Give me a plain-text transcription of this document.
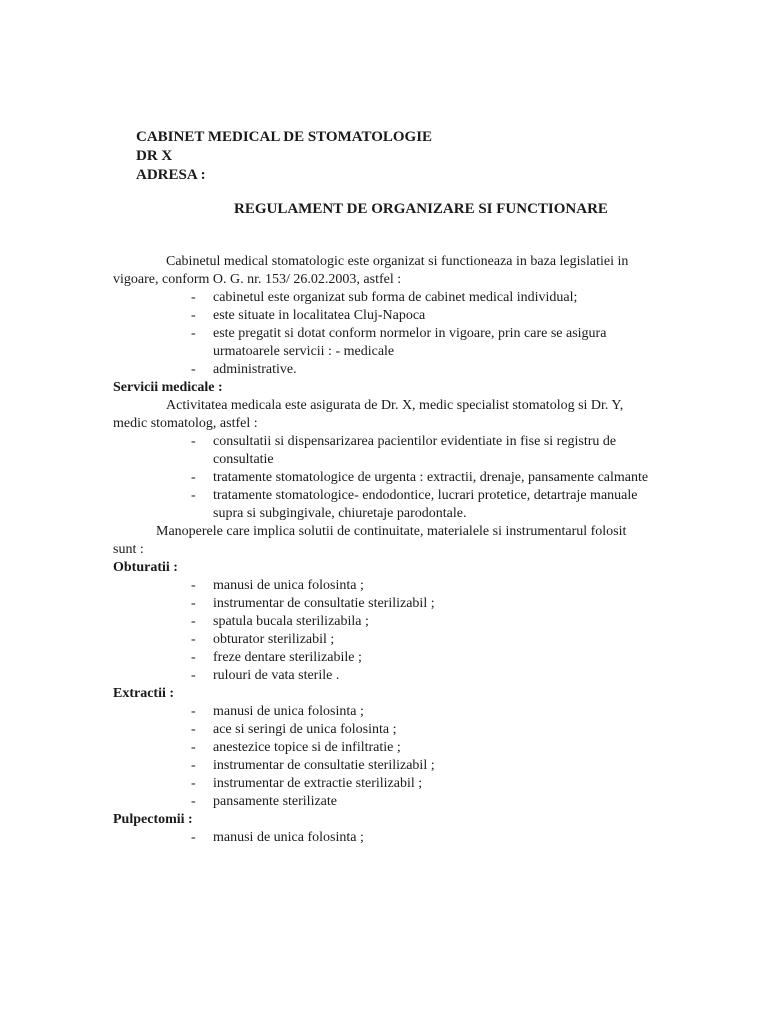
CABINET MEDICAL DE STOMATOLOGIE

DR X

ADRESA :

REGULAMENT DE ORGANIZARE SI FUNCTIONARE

Cabinetul medical stomatologic este organizat si functioneaza in baza legislatiei in vigoare, conform O. G. nr. 153/ 26.02.2003, astfel :

- cabinetul este organizat sub forma de cabinet medical individual;
- este situate in localitatea Cluj-Napoca
- este pregatit si dotat conform normelor in vigoare, prin care se asigura urmatoarele servicii : - medicale
- administrative.

Servicii medicale :

Activitatea medicala este asigurata de Dr. X, medic specialist stomatolog si Dr. Y, medic stomatolog, astfel :

- consultatii si dispensarizarea pacientilor evidentiate in fise si registru de consultatie
- tratamente stomatologice de urgenta : extractii, drenaje, pansamente calmante
- tratamente stomatologice- endodontice, lucrari protetice, detartraje manuale supra si subgingivale, chiuretaje parodontale.

Manoperele care implica solutii de continuitate, materialele si instrumentarul folosit sunt :

Obturatii :

- manusi de unica folosinta ;
- instrumentar de consultatie sterilizabil ;
- spatula bucala sterilizabila ;
- obturator sterilizabil ;
- freze dentare sterilizabile ;
- rulouri de vata sterile .

Extractii :

- manusi de unica folosinta ;
- ace si seringi de unica folosinta ;
- anestezice topice si de infiltratie ;
- instrumentar de consultatie sterilizabil ;
- instrumentar de extractie sterilizabil ;
- pansamente sterilizate

Pulpectomii :

- manusi de unica folosinta ;
